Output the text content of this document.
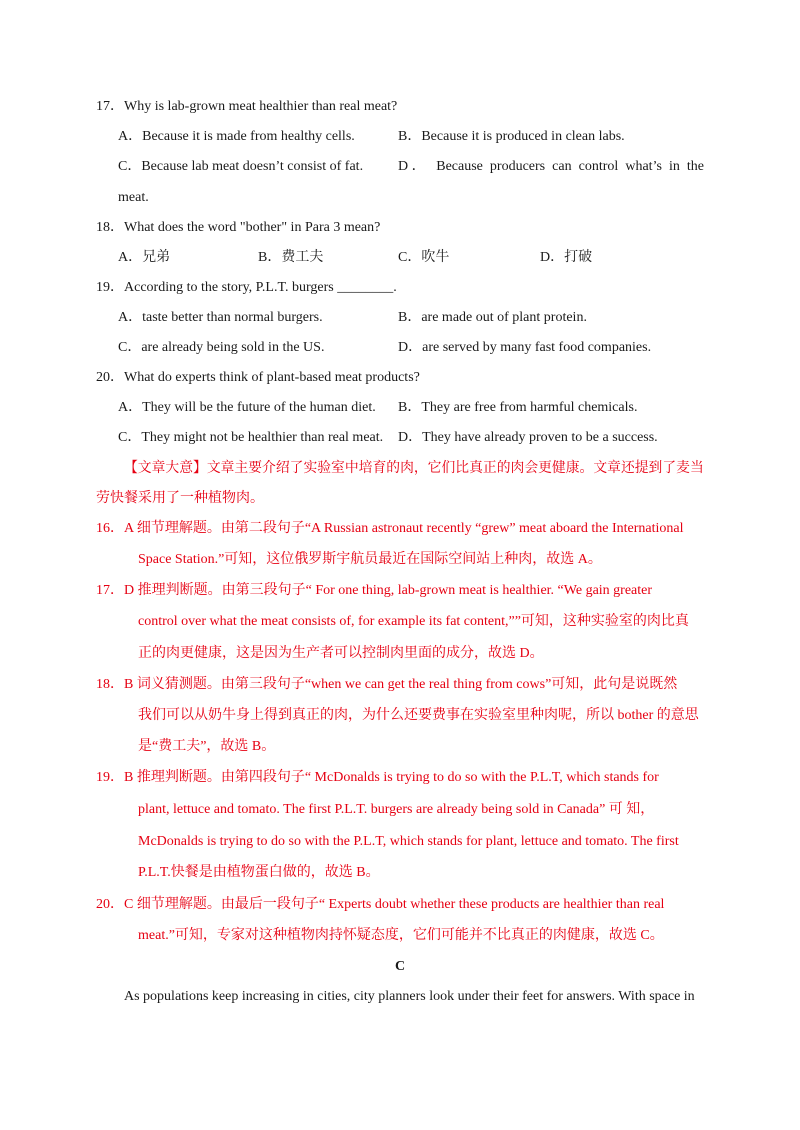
17．Why is lab-grown meat healthier than real meat?
A．Because it is made from healthy cells.	B．Because it is produced in clean labs.
C．Because lab meat doesn’t consist of fat. D． Because producers can control what’s in the
meat.
18．What does the word "bother" in Para 3 mean?
A．兄弟	B．费工夫	C．吹牛	D．打破
19．According to the story, P.L.T. burgers ________.
A．taste better than normal burgers.	B．are made out of plant protein.
C．are already being sold in the US.	D．are served by many fast food companies.
20．What do experts think of plant-based meat products?
A．They will be the future of the human diet. B．They are free from harmful chemicals.
C．They might not be healthier than real meat. D．They have already proven to be a success.
【文章大意】文章主要介绍了实验室中培育的肉，它们比真正的肉会更健康。文章还提到了麦当
劳快餐采用了一种植物肉。
16．A 细节理解题。由第二段句子“A Russian astronaut recently “grew” meat aboard the International
Space Station.”可知，这位俄罗斯宇航员最近在国际空间站上种肉，故选 A。
17．D 推理判断题。由第三段句子“ For one thing, lab-grown meat is healthier. “We gain greater
control over what the meat consists of, for example its fat content,””可知，这种实验室的肉比真
正的肉更健康，这是因为生产者可以控制肉里面的成分，故选 D。
18．B 词义猜测题。由第三段句子“when we can get the real thing from cows”可知，此句是说既然
我们可以从奶牛身上得到真正的肉，为什么还要费事在实验室里种肉呢，所以 bother 的意思
是“费工夫”，故选 B。
19．B 推理判断题。由第四段句子“ McDonalds is trying to do so with the P.L.T, which stands for
plant, lettuce and tomato. The first P.L.T. burgers are already being sold in Canada” 可 知，
McDonalds is trying to do so with the P.L.T, which stands for plant, lettuce and tomato. The first
P.L.T.快餐是由植物蛋白做的，故选 B。
20．C 细节理解题。由最后一段句子“ Experts doubt whether these products are healthier than real
meat.”可知，专家对这种植物肉持怀疑态度，它们可能并不比真正的肉健康，故选 C。
C
As populations keep increasing in cities, city planners look under their feet for answers. With space in
